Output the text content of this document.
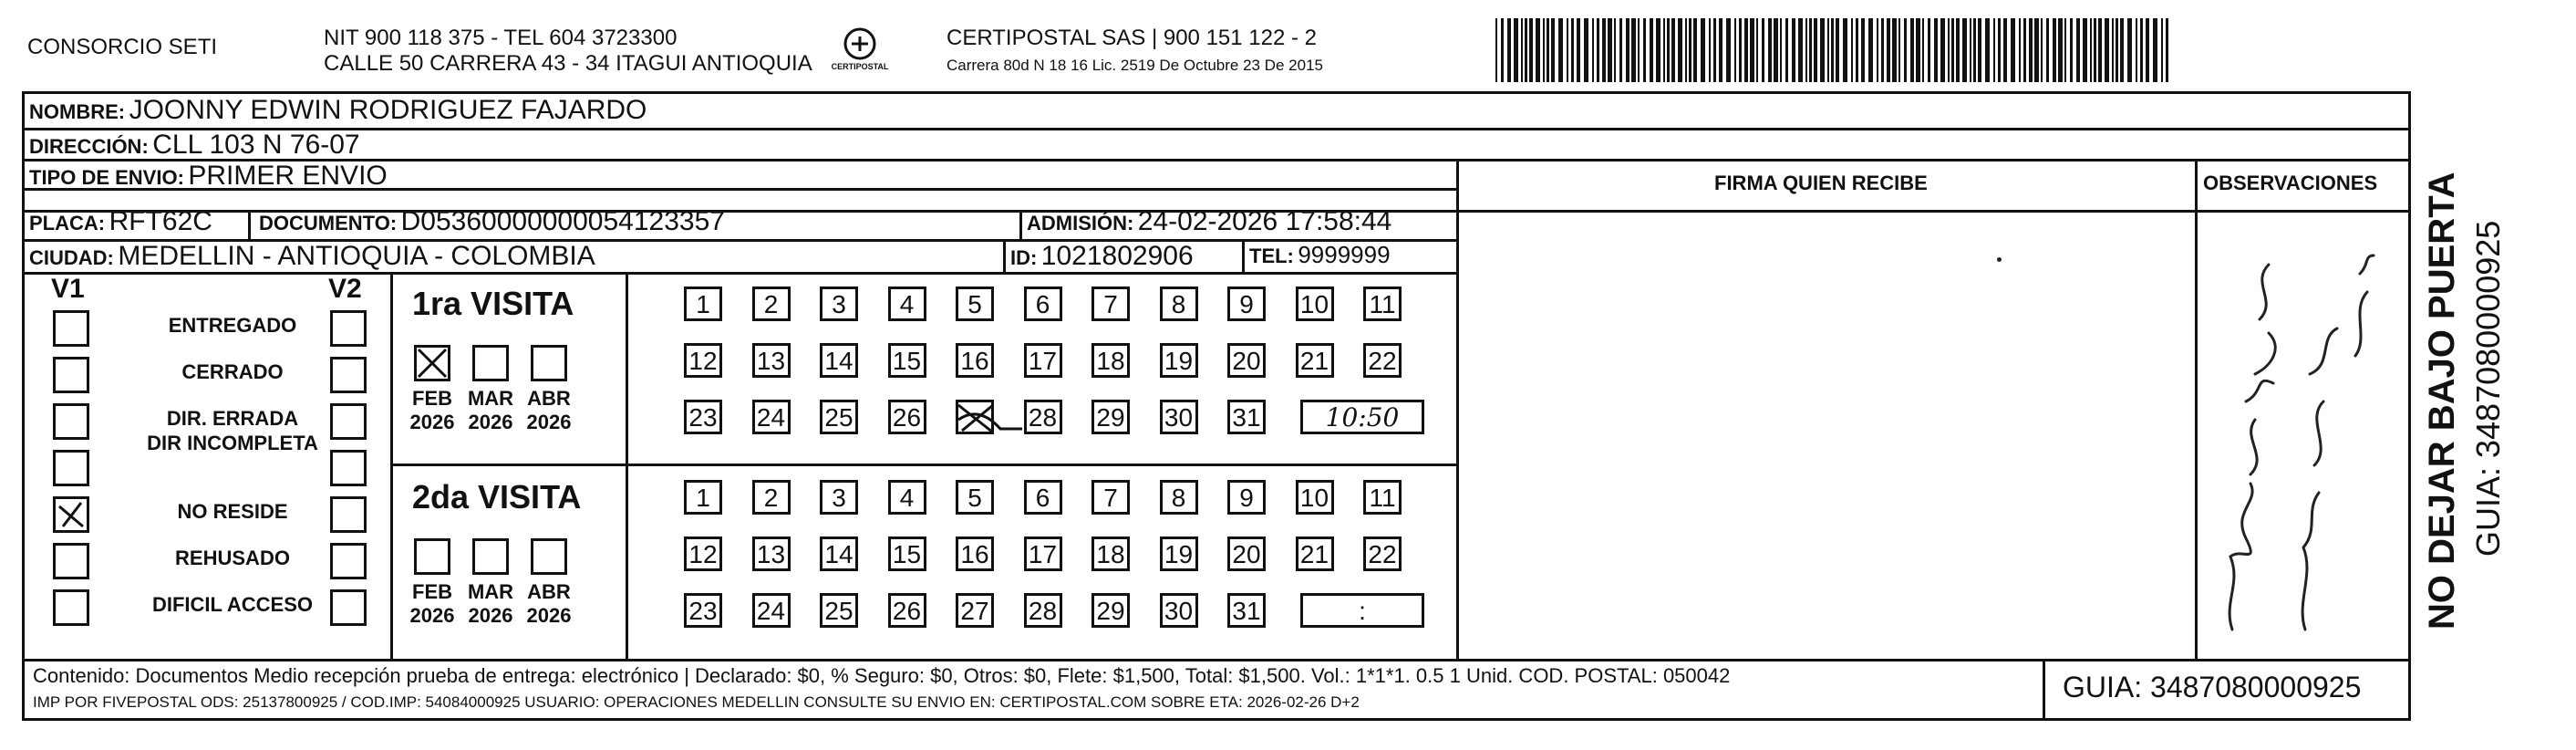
CONSORCIO SETI	NIT 900 118 375 - TEL 604 3723300
CALLE 50 CARRERA 43 - 34 ITAGUI ANTIOQUIA	CERTIPOSTAL
CERTIPOSTAL SAS | 900 151 122 - 2
Carrera 80d N 18 16 Lic. 2519 De Octubre 23 De 2015
NOMBRE: JOONNY EDWIN RODRIGUEZ FAJARDO
DIRECCIÓN: CLL 103 N 76-07
TIPO DE ENVIO: PRIMER ENVIO
PLACA: RFT62C DOCUMENTO: D05360000000054123357	ADMISIÓN: 24-02-2026 17:58:44
CIUDAD: MEDELLIN - ANTIOQUIA - COLOMBIA	ID: 1021802906	TEL: 9999999
FIRMA QUIEN RECIBE	OBSERVACIONES
V1	V2
ENTREGADO
CERRADO
DIR. ERRADA
DIR INCOMPLETA
NO RESIDE
REHUSADO
DIFICIL ACCESO
1ra VISITA
FEB
2026
MAR
2026
ABR
2026
1	2	3	4	5	6	7	8	9	10 11
12 13 14 15 16 17 18 19 20 21 22
23 24 25 26	28 29 30 31	10:50
2da VISITA
FEB
2026
MAR
2026
ABR
2026
1	2	3	4	5	6	7	8	9	10 11
12 13 14 15 16 17 18 19 20 21 22
23 24 25 26 27 28 29 30 31	:
Contenido: Documentos Medio recepción prueba de entrega: electrónico | Declarado: $0, % Seguro: $0, Otros: $0, Flete: $1,500, Total: $1,500. Vol.: 1*1*1. 0.5 1 Unid. COD. POSTAL: 050042
IMP POR FIVEPOSTAL ODS: 25137800925 / COD.IMP: 54084000925 USUARIO: OPERACIONES MEDELLIN CONSULTE SU ENVIO EN: CERTIPOSTAL.COM SOBRE ETA: 2026-02-26 D+2	GUIA: 3487080000925
NO DEJAR BAJO PUERTA GUIA: 3487080000925
